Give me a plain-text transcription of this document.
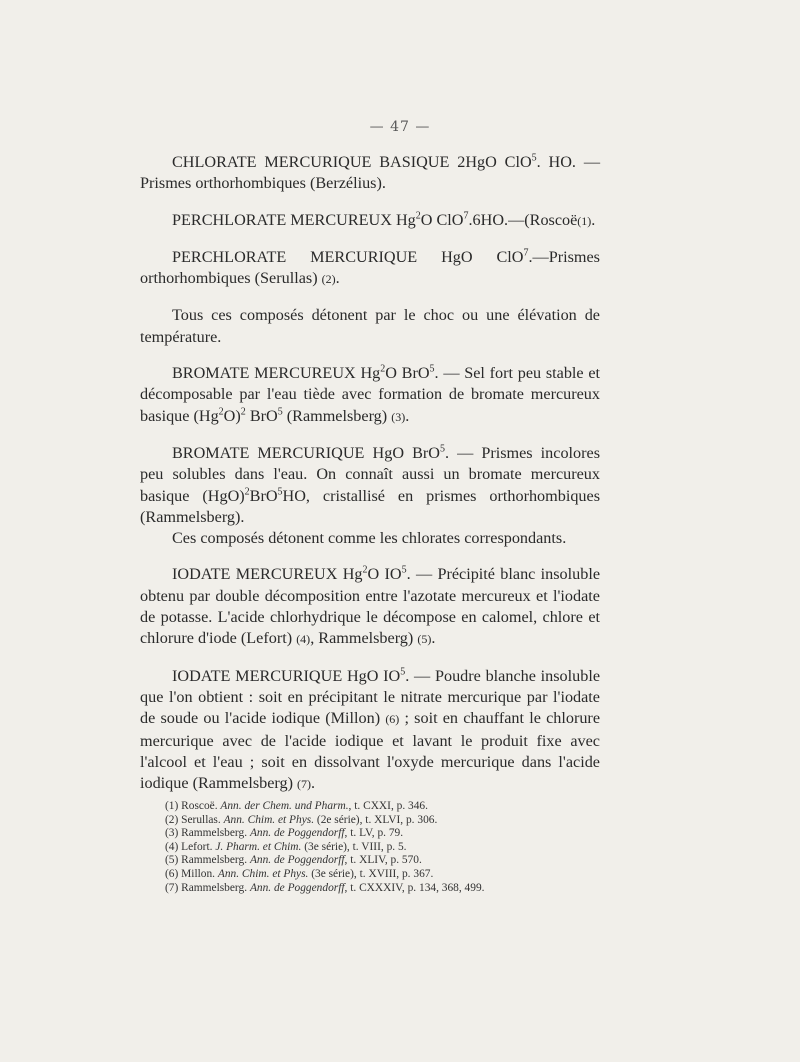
— 47 —

CHLORATE MERCURIQUE BASIQUE 2HgO ClO$^5$. HO. — Prismes orthorhombiques (Berzélius).

PERCHLORATE MERCUREUX Hg$^2$O ClO$^7$.6HO.—(Roscoë(1).

PERCHLORATE MERCURIQUE HgO ClO$^7$.—Prismes orthorhombiques (Serullas) (2).

Tous ces composés détonent par le choc ou une élévation de température.

BROMATE MERCUREUX Hg$^2$O BrO$^5$. — Sel fort peu stable et décomposable par l'eau tiède avec formation de bromate mercureux basique $(Hg^2O)^2$ BrO$^5$ (Rammelsberg) (3).

BROMATE MERCURIQUE HgO BrO$^5$. — Prismes incolores peu solubles dans l'eau. On connaît aussi un bromate mercureux basique (HgO)$^2$BrO$^5$HO, cristallisé en prismes orthorhombiques (Rammelsberg).

Ces composés détonent comme les chlorates correspondants.

IODATE MERCUREUX Hg$^2$O $IO^5$. — Précipité blanc insoluble obtenu par double décomposition entre l'azotate mercureux et l'iodate de potasse. L'acide chlorhydrique le décompose en calomel, chlore et chlorure d'iode (Lefort) (4), Rammelsberg) (5).

IODATE MERCURIQUE HgO $IO^5$. — Poudre blanche insoluble que l'on obtient : soit en précipitant le nitrate mercurique par l'iodate de soude ou l'acide iodique (Millon) (6) ; soit en chauffant le chlorure mercurique avec de l'acide iodique et lavant le produit fixe avec l'alcool et l'eau ; soit en dissolvant l'oxyde mercurique dans l'acide iodique (Rammelsberg) (7).

(1) Roscoë. Ann. der Chem. und Pharm., t. CXXI, p. 346.
(2) Serullas. Ann. Chim. et Phys. (2e série), t. XLVI, p. 306.
(3) Rammelsberg. Ann. de Poggendorff, t. LV, p. 79.
(4) Lefort. J. Pharm. et Chim. (3e série), t. VIII, p. 5.
(5) Rammelsberg. Ann. de Poggendorff, t. XLIV, p. 570.
(6) Millon. Ann. Chim. et Phys. (3e série), t. XVIII, p. 367.
(7) Rammelsberg. Ann. de Poggendorff, t. CXXXIV, p. 134, 368, 499.
